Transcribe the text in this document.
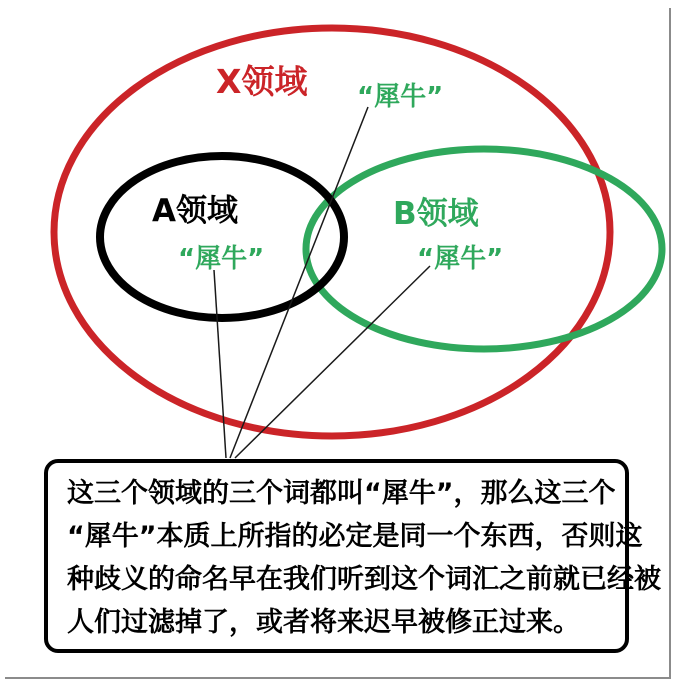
X领域 “犀牛”
A领域
“犀牛”
B领域
“犀牛”
这三个领域的三个词都叫“犀牛”，那么这三个
“犀牛”本质上所指的必定是同一个东西，否则这
种歧义的命名早在我们听到这个词汇之前就已经被
人们过滤掉了，或者将来迟早被修正过来。
